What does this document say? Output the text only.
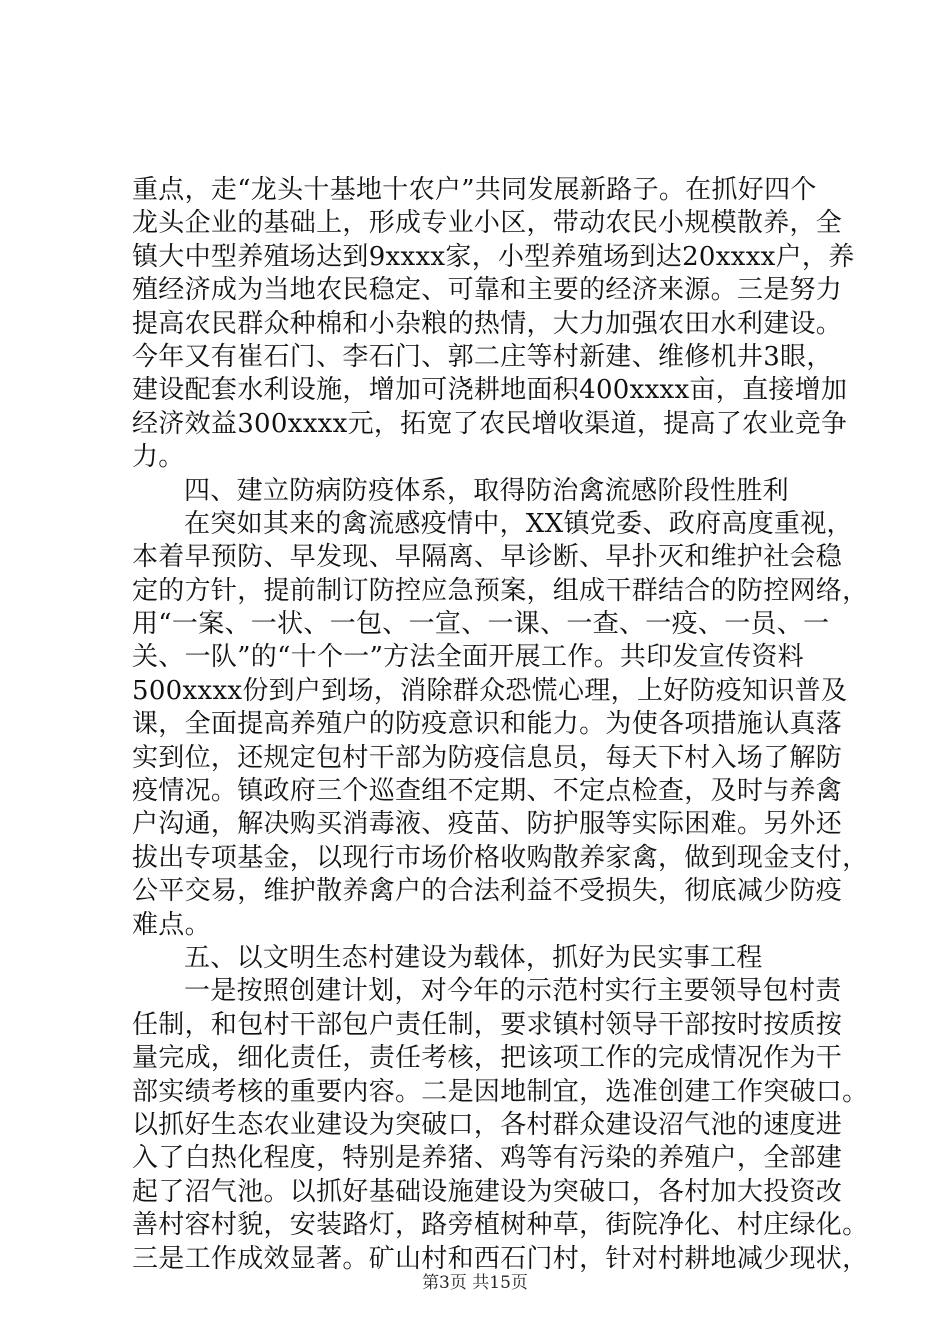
重点，走“龙头十基地十农户”共同发展新路子。在抓好四个
龙头企业的基础上，形成专业小区，带动农民小规模散养，全
镇大中型养殖场达到9xxxx家，小型养殖场到达20xxxx户，养
殖经济成为当地农民稳定、可靠和主要的经济来源。三是努力
提高农民群众种棉和小杂粮的热情，大力加强农田水利建设。
今年又有崔石门、李石门、郭二庄等村新建、维修机井3眼，
建设配套水利设施，增加可浇耕地面积400xxxx亩，直接增加
经济效益300xxxx元，拓宽了农民增收渠道，提高了农业竞争
力。
四、建立防病防疫体系，取得防治禽流感阶段性胜利
在突如其来的禽流感疫情中，XX镇党委、政府高度重视，
本着早预防、早发现、早隔离、早诊断、早扑灭和维护社会稳
定的方针，提前制订防控应急预案，组成干群结合的防控网络，
用“一案、一状、一包、一宣、一课、一查、一疫、一员、一
关、一队”的“十个一”方法全面开展工作。共印发宣传资料
500xxxx份到户到场，消除群众恐慌心理，上好防疫知识普及
课，全面提高养殖户的防疫意识和能力。为使各项措施认真落
实到位，还规定包村干部为防疫信息员，每天下村入场了解防
疫情况。镇政府三个巡查组不定期、不定点检查，及时与养禽
户沟通，解决购买消毒液、疫苗、防护服等实际困难。另外还
拔出专项基金，以现行市场价格收购散养家禽，做到现金支付，
公平交易，维护散养禽户的合法利益不受损失，彻底减少防疫
难点。
五、以文明生态村建设为载体，抓好为民实事工程
一是按照创建计划，对今年的示范村实行主要领导包村责
任制，和包村干部包户责任制，要求镇村领导干部按时按质按
量完成，细化责任，责任考核，把该项工作的完成情况作为干
部实绩考核的重要内容。二是因地制宜，选准创建工作突破口。
以抓好生态农业建设为突破口，各村群众建设沼气池的速度进
入了白热化程度，特别是养猪、鸡等有污染的养殖户，全部建
起了沼气池。以抓好基础设施建设为突破口，各村加大投资改
善村容村貌，安装路灯，路旁植树种草，街院净化、村庄绿化。
三是工作成效显著。矿山村和西石门村，针对村耕地减少现状，
第3页 共15页
